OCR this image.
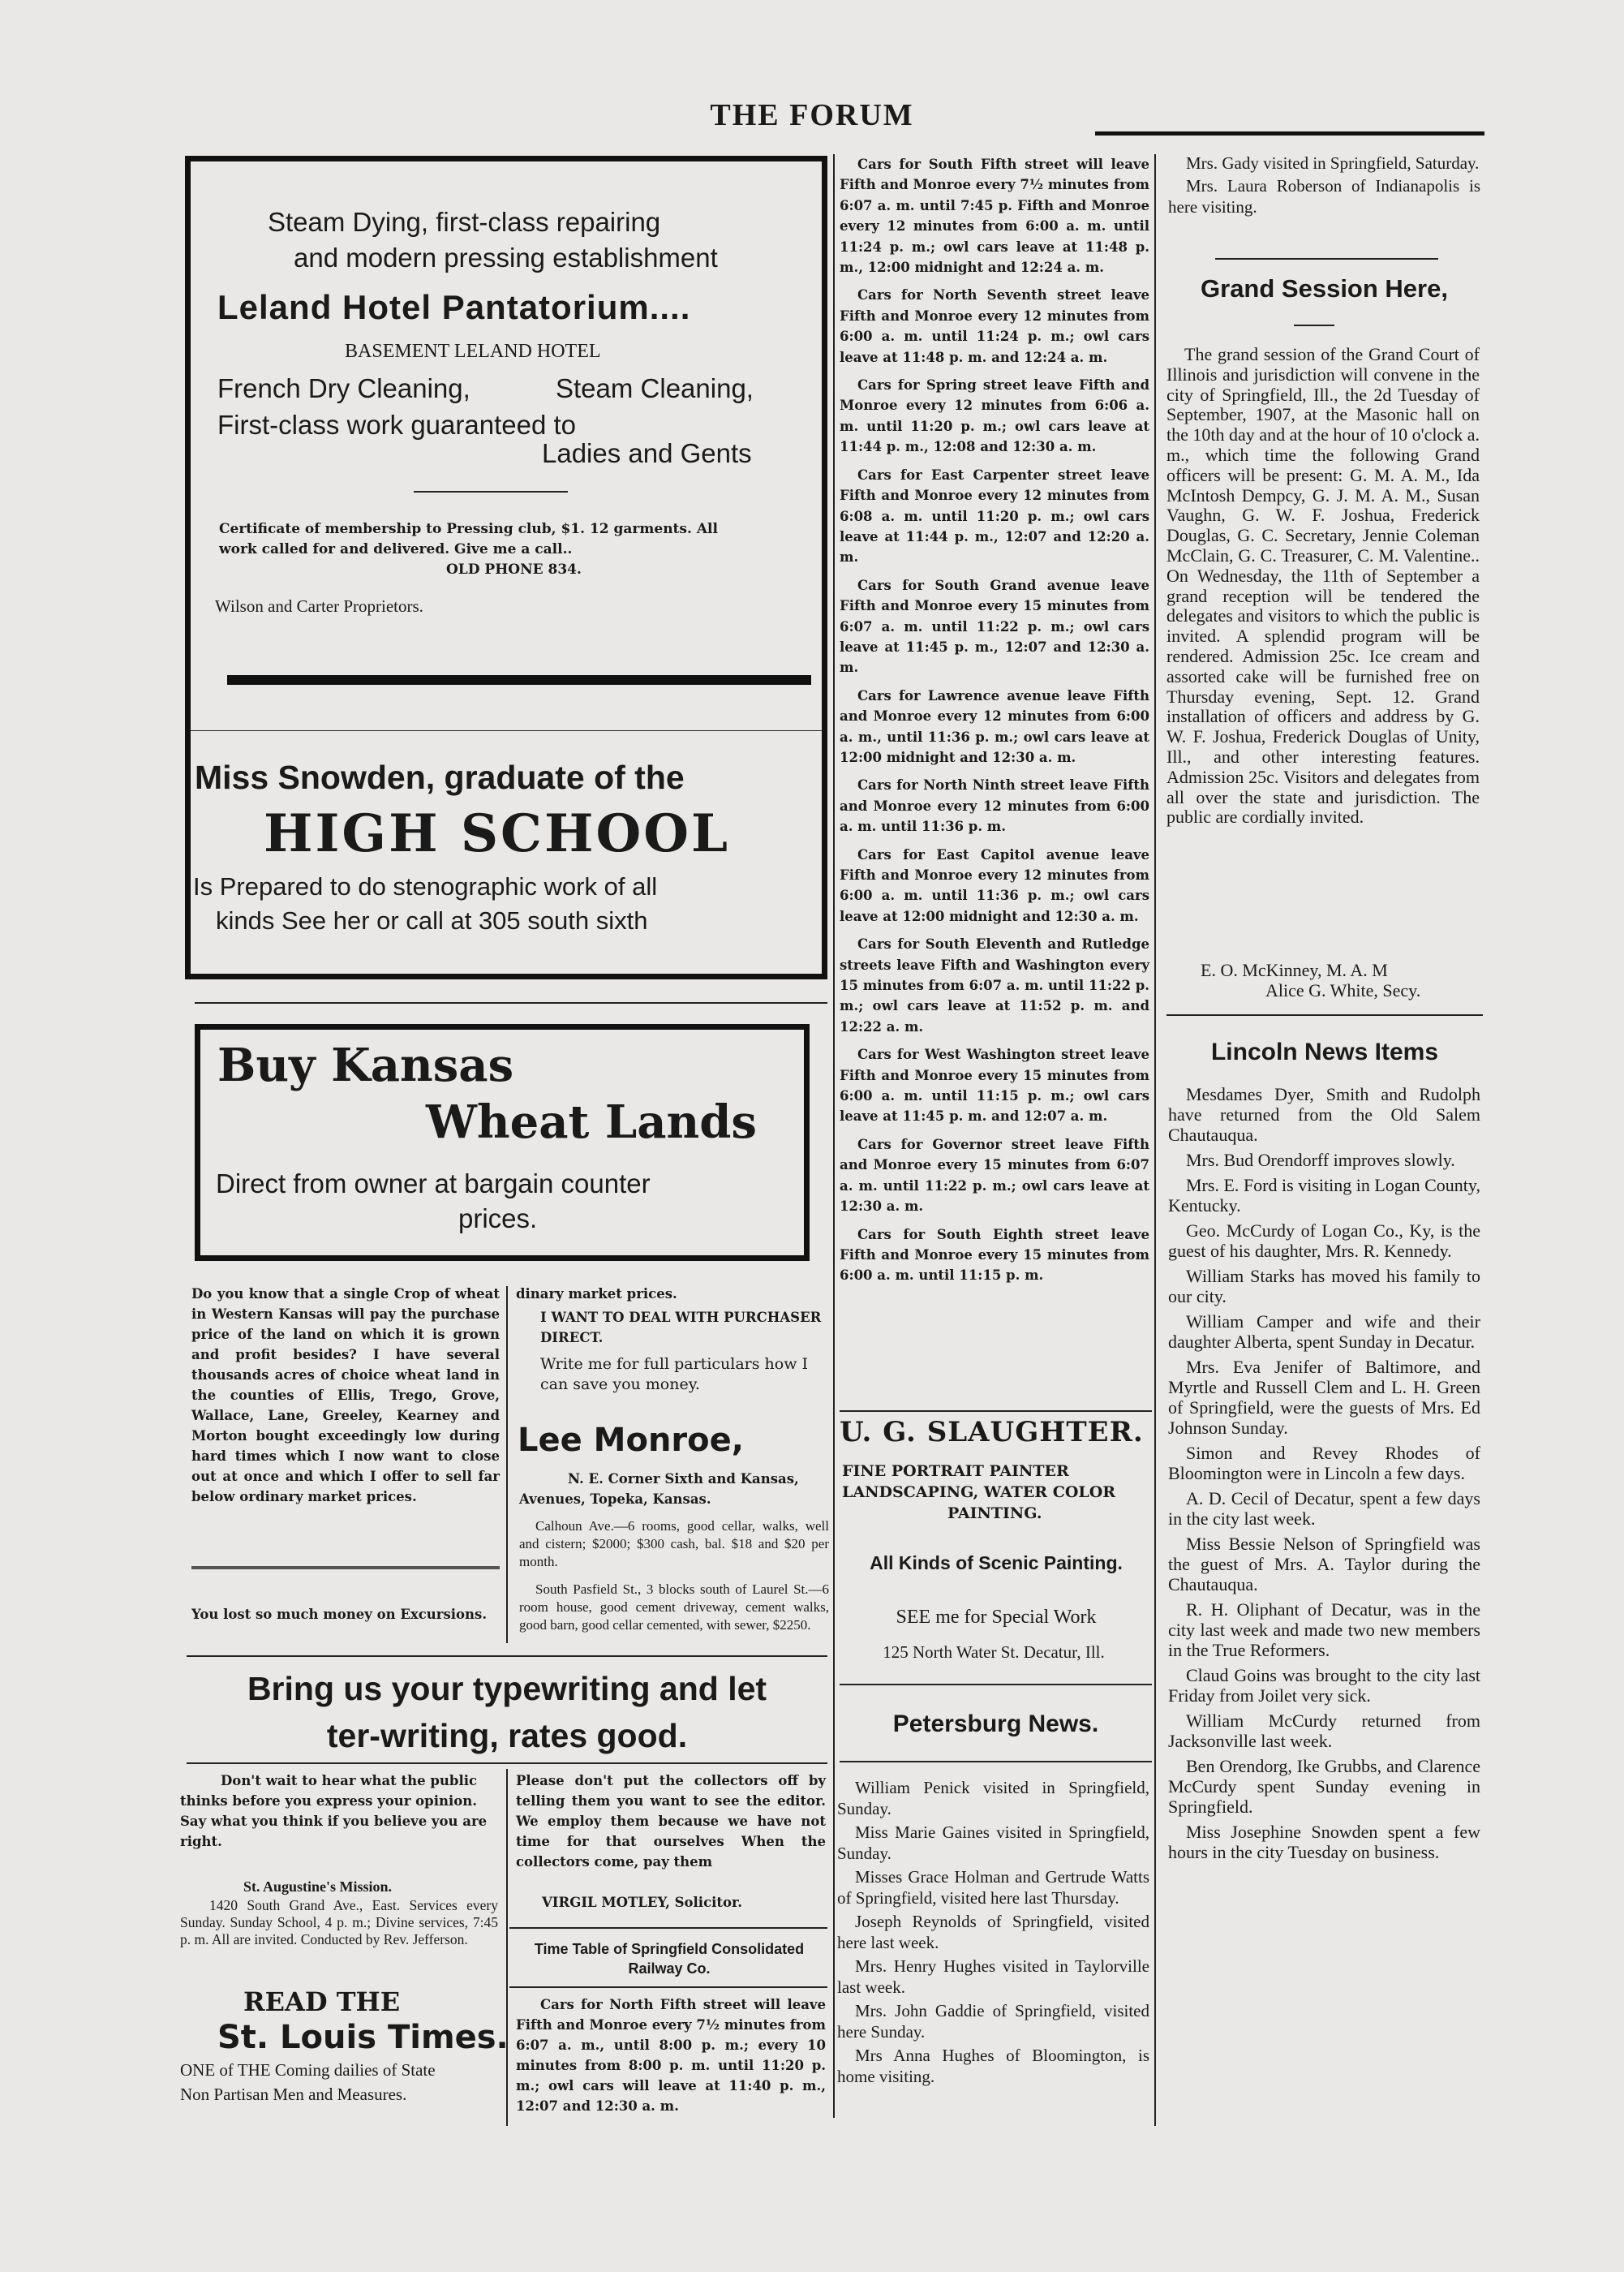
THE FORUM
Steam Dying, first-class repairing
and modern pressing establishment
Leland Hotel Pantatorium....
BASEMENT LELAND HOTEL
French Dry Cleaning,	Steam Cleaning,
First-class work guaranteed to
Ladies and Gents
Certificate of membership to Pressing club, $1. 12 garments. All
work called for and delivered. Give me a call..
OLD PHONE 834.
Wilson and Carter Proprietors.
Miss Snowden, graduate of the
HIGH SCHOOL
Is Prepared to do stenographic work of all
kinds See her or call at 305 south sixth
Buy Kansas
Wheat Lands
Direct from owner at bargain counter
prices.
Do you know that a single Crop of wheat in Western Kansas will pay the purchase price of the land on which it is grown and profit besides? I have several thousands acres of choice wheat land in the counties of Ellis, Trego, Grove, Wallace, Lane, Greeley, Kearney and Morton bought exceedingly low during hard times which I now want to close out at once and which I offer to sell far below ordinary market prices.
You lost so much money on Excursions.
dinary market prices.
I WANT TO DEAL WITH PURCHASER DIRECT.
Write me for full particulars how I can save you money.
Lee Monroe,
N. E. Corner Sixth and Kansas, Avenues, Topeka, Kansas.
Calhoun Ave.—6 rooms, good cellar, walks, well and cistern; $2000; $300 cash, bal. $18 and $20 per month.
South Pasfield St., 3 blocks south of Laurel St.—6 room house, good cement driveway, cement walks, good barn, good cellar cemented, with sewer, $2250.
Bring us your typewriting and let
ter-writing, rates good.
Don't wait to hear what the public thinks before you express your opinion. Say what you think if you believe you are right.
St. Augustine's Mission.
1420 South Grand Ave., East. Services every Sunday. Sunday School, 4 p. m.; Divine services, 7:45 p. m. All are invited. Conducted by Rev. Jefferson.
READ THE
St. Louis Times.
ONE of THE Coming dailies of State
Non Partisan Men and Measures.
Please don't put the collectors off by telling them you want to see the editor. We employ them because we have not time for that ourselves When the collectors come, pay them
VIRGIL MOTLEY, Solicitor.
Time Table of Springfield Consolidated Railway Co.
Cars for North Fifth street will leave Fifth and Monroe every 7½ minutes from 6:07 a. m., until 8:00 p. m.; every 10 minutes from 8:00 p. m. until 11:20 p. m.; owl cars will leave at 11:40 p. m., 12:07 and 12:30 a. m.

Cars for South Fifth street will leave Fifth and Monroe every 7½ minutes from 6:07 a. m. until 7:45 p. Fifth and Monroe every 12 minutes from 6:00 a. m. until 11:24 p. m.; owl cars leave at 11:48 p. m., 12:00 midnight and 12:24 a. m.

Cars for North Seventh street leave Fifth and Monroe every 12 minutes from 6:00 a. m. until 11:24 p. m.; owl cars leave at 11:48 p. m. and 12:24 a. m.

Cars for Spring street leave Fifth and Monroe every 12 minutes from 6:06 a. m. until 11:20 p. m.; owl cars leave at 11:44 p. m., 12:08 and 12:30 a. m.

Cars for East Carpenter street leave Fifth and Monroe every 12 minutes from 6:08 a. m. until 11:20 p. m.; owl cars leave at 11:44 p. m., 12:07 and 12:20 a. m.

Cars for South Grand avenue leave Fifth and Monroe every 15 minutes from 6:07 a. m. until 11:22 p. m.; owl cars leave at 11:45 p. m., 12:07 and 12:30 a. m.

Cars for Lawrence avenue leave Fifth and Monroe every 12 minutes from 6:00 a. m., until 11:36 p. m.; owl cars leave at 12:00 midnight and 12:30 a. m.

Cars for North Ninth street leave Fifth and Monroe every 12 minutes from 6:00 a. m. until 11:36 p. m.

Cars for East Capitol avenue leave Fifth and Monroe every 12 minutes from 6:00 a. m. until 11:36 p. m.; owl cars leave at 12:00 midnight and 12:30 a. m.

Cars for South Eleventh and Rutledge streets leave Fifth and Washington every 15 minutes from 6:07 a. m. until 11:22 p. m.; owl cars leave at 11:52 p. m. and 12:22 a. m.

Cars for West Washington street leave Fifth and Monroe every 15 minutes from 6:00 a. m. until 11:15 p. m.; owl cars leave at 11:45 p. m. and 12:07 a. m.

Cars for Governor street leave Fifth and Monroe every 15 minutes from 6:07 a. m. until 11:22 p. m.; owl cars leave at 12:30 a. m.

Cars for South Eighth street leave Fifth and Monroe every 15 minutes from 6:00 a. m. until 11:15 p. m.

U. G. SLAUGHTER.
FINE PORTRAIT PAINTER
LANDSCAPING, WATER COLOR
PAINTING.
All Kinds of Scenic Painting.
SEE me for Special Work
125 North Water St. Decatur, Ill.
Petersburg News.

William Penick visited in Springfield, Sunday.

Miss Marie Gaines visited in Springfield, Sunday.

Misses Grace Holman and Gertrude Watts of Springfield, visited here last Thursday.

Joseph Reynolds of Springfield, visited here last week.

Mrs. Henry Hughes visited in Taylorville last week.

Mrs. John Gaddie of Springfield, visited here Sunday.

Mrs Anna Hughes of Bloomington, is home visiting.

Mrs. Gady visited in Springfield, Saturday.

Mrs. Laura Roberson of Indianapolis is here visiting.

Grand Session Here,
The grand session of the Grand Court of Illinois and jurisdiction will convene in the city of Springfield, Ill., the 2d Tuesday of September, 1907, at the Masonic hall on the 10th day and at the hour of 10 o'clock a. m., which time the following Grand officers will be present: G. M. A. M., Ida McIntosh Dempcy, G. J. M. A. M., Susan Vaughn, G. W. F. Joshua, Frederick Douglas, G. C. Secretary, Jennie Coleman McClain, G. C. Treasurer, C. M. Valentine.. On Wednesday, the 11th of September a grand reception will be tendered the delegates and visitors to which the public is invited. A splendid program will be rendered. Admission 25c. Ice cream and assorted cake will be furnished free on Thursday evening, Sept. 12. Grand installation of officers and address by G. W. F. Joshua, Frederick Douglas of Unity, Ill., and other interesting features. Admission 25c. Visitors and delegates from all over the state and jurisdiction. The public are cordially invited.
E. O. McKinney, M. A. M
Alice G. White, Secy.
Lincoln News Items

Mesdames Dyer, Smith and Rudolph have returned from the Old Salem Chautauqua.

Mrs. Bud Orendorff improves slowly.

Mrs. E. Ford is visiting in Logan County, Kentucky.

Geo. McCurdy of Logan Co., Ky, is the guest of his daughter, Mrs. R. Kennedy.

William Starks has moved his family to our city.

William Camper and wife and their daughter Alberta, spent Sunday in Decatur.

Mrs. Eva Jenifer of Baltimore, and Myrtle and Russell Clem and L. H. Green of Springfield, were the guests of Mrs. Ed Johnson Sunday.

Simon and Revey Rhodes of Bloomington were in Lincoln a few days.

A. D. Cecil of Decatur, spent a few days in the city last week.

Miss Bessie Nelson of Springfield was the guest of Mrs. A. Taylor during the Chautauqua.

R. H. Oliphant of Decatur, was in the city last week and made two new members in the True Reformers.

Claud Goins was brought to the city last Friday from Joilet very sick.

William McCurdy returned from Jacksonville last week.

Ben Orendorg, Ike Grubbs, and Clarence McCurdy spent Sunday evening in Springfield.

Miss Josephine Snowden spent a few hours in the city Tuesday on business.
